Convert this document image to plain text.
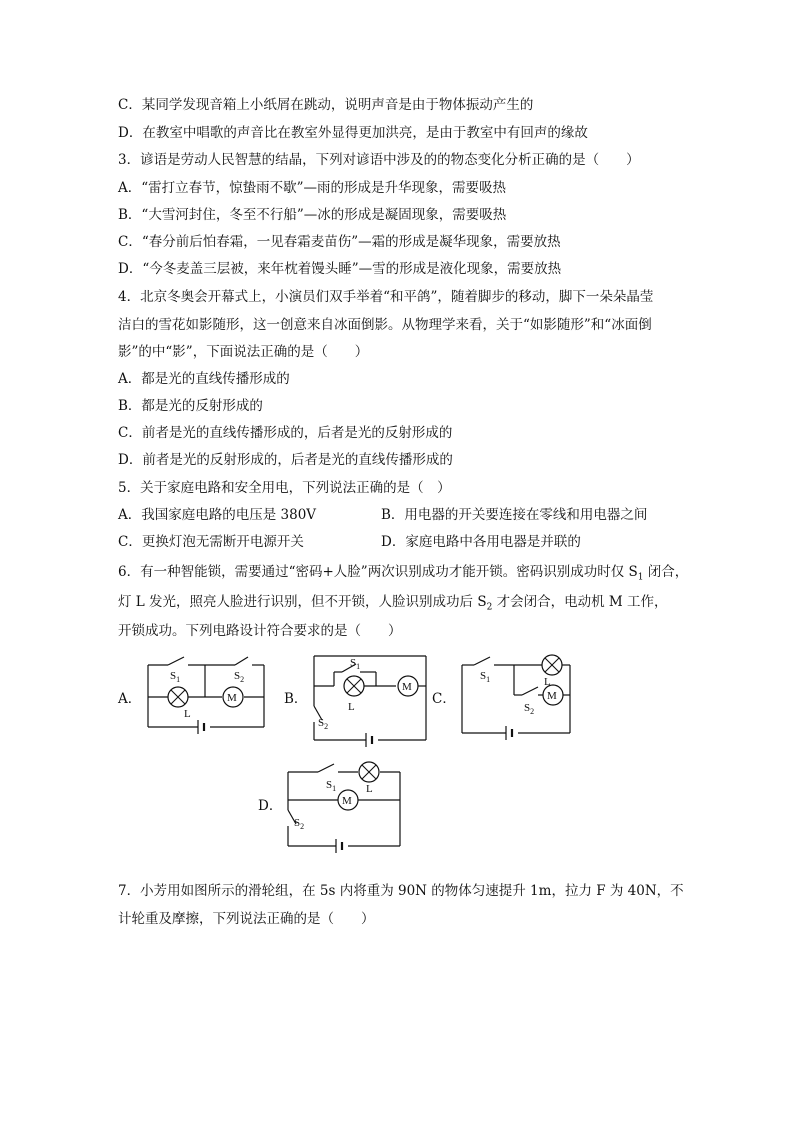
C．某同学发现音箱上小纸屑在跳动，说明声音是由于物体振动产生的
D．在教室中唱歌的声音比在教室外显得更加洪亮，是由于教室中有回声的缘故
3．谚语是劳动人民智慧的结晶，下列对谚语中涉及的的物态变化分析正确的是（　　）
A．“雷打立春节，惊蛰雨不歇”—雨的形成是升华现象，需要吸热
B．“大雪河封住，冬至不行船”—冰的形成是凝固现象，需要吸热
C．“春分前后怕春霜，一见春霜麦苗伤”—霜的形成是凝华现象，需要放热
D．“今冬麦盖三层被，来年枕着馒头睡”—雪的形成是液化现象，需要放热
4．北京冬奥会开幕式上，小演员们双手举着“和平鸽”，随着脚步的移动，脚下一朵朵晶莹
洁白的雪花如影随形，这一创意来自冰面倒影。从物理学来看，关于“如影随形”和“冰面倒
影”的中“影”，下面说法正确的是（　　）
A．都是光的直线传播形成的
B．都是光的反射形成的
C．前者是光的直线传播形成的，后者是光的反射形成的
D．前者是光的反射形成的，后者是光的直线传播形成的
5．关于家庭电路和安全用电，下列说法正确的是（　）
A．我国家庭电路的电压是 380V	B．用电器的开关要连接在零线和用电器之间
C．更换灯泡无需断开电源开关	D．家庭电路中各用电器是并联的
6．有一种智能锁，需要通过“密码+人脸”两次识别成功才能开锁。密码识别成功时仅 $S_1$ 闭合，
灯 L 发光，照亮人脸进行识别，但不开锁，人脸识别成功后 $S_2$ 才会闭合，电动机 M 工作，
开锁成功。下列电路设计符合要求的是（　　）
A．	B．	C．
D．
M
$S_1$	$S_2$
L
M
$S_1$
L
$S_2$
M
$S_1$	L
$S_2$
M
$S_1$	L
$S_2$
7．小芳用如图所示的滑轮组，在 5s 内将重为 90N 的物体匀速提升 1m，拉力 F 为 40N，不
计轮重及摩擦，下列说法正确的是（　　）
